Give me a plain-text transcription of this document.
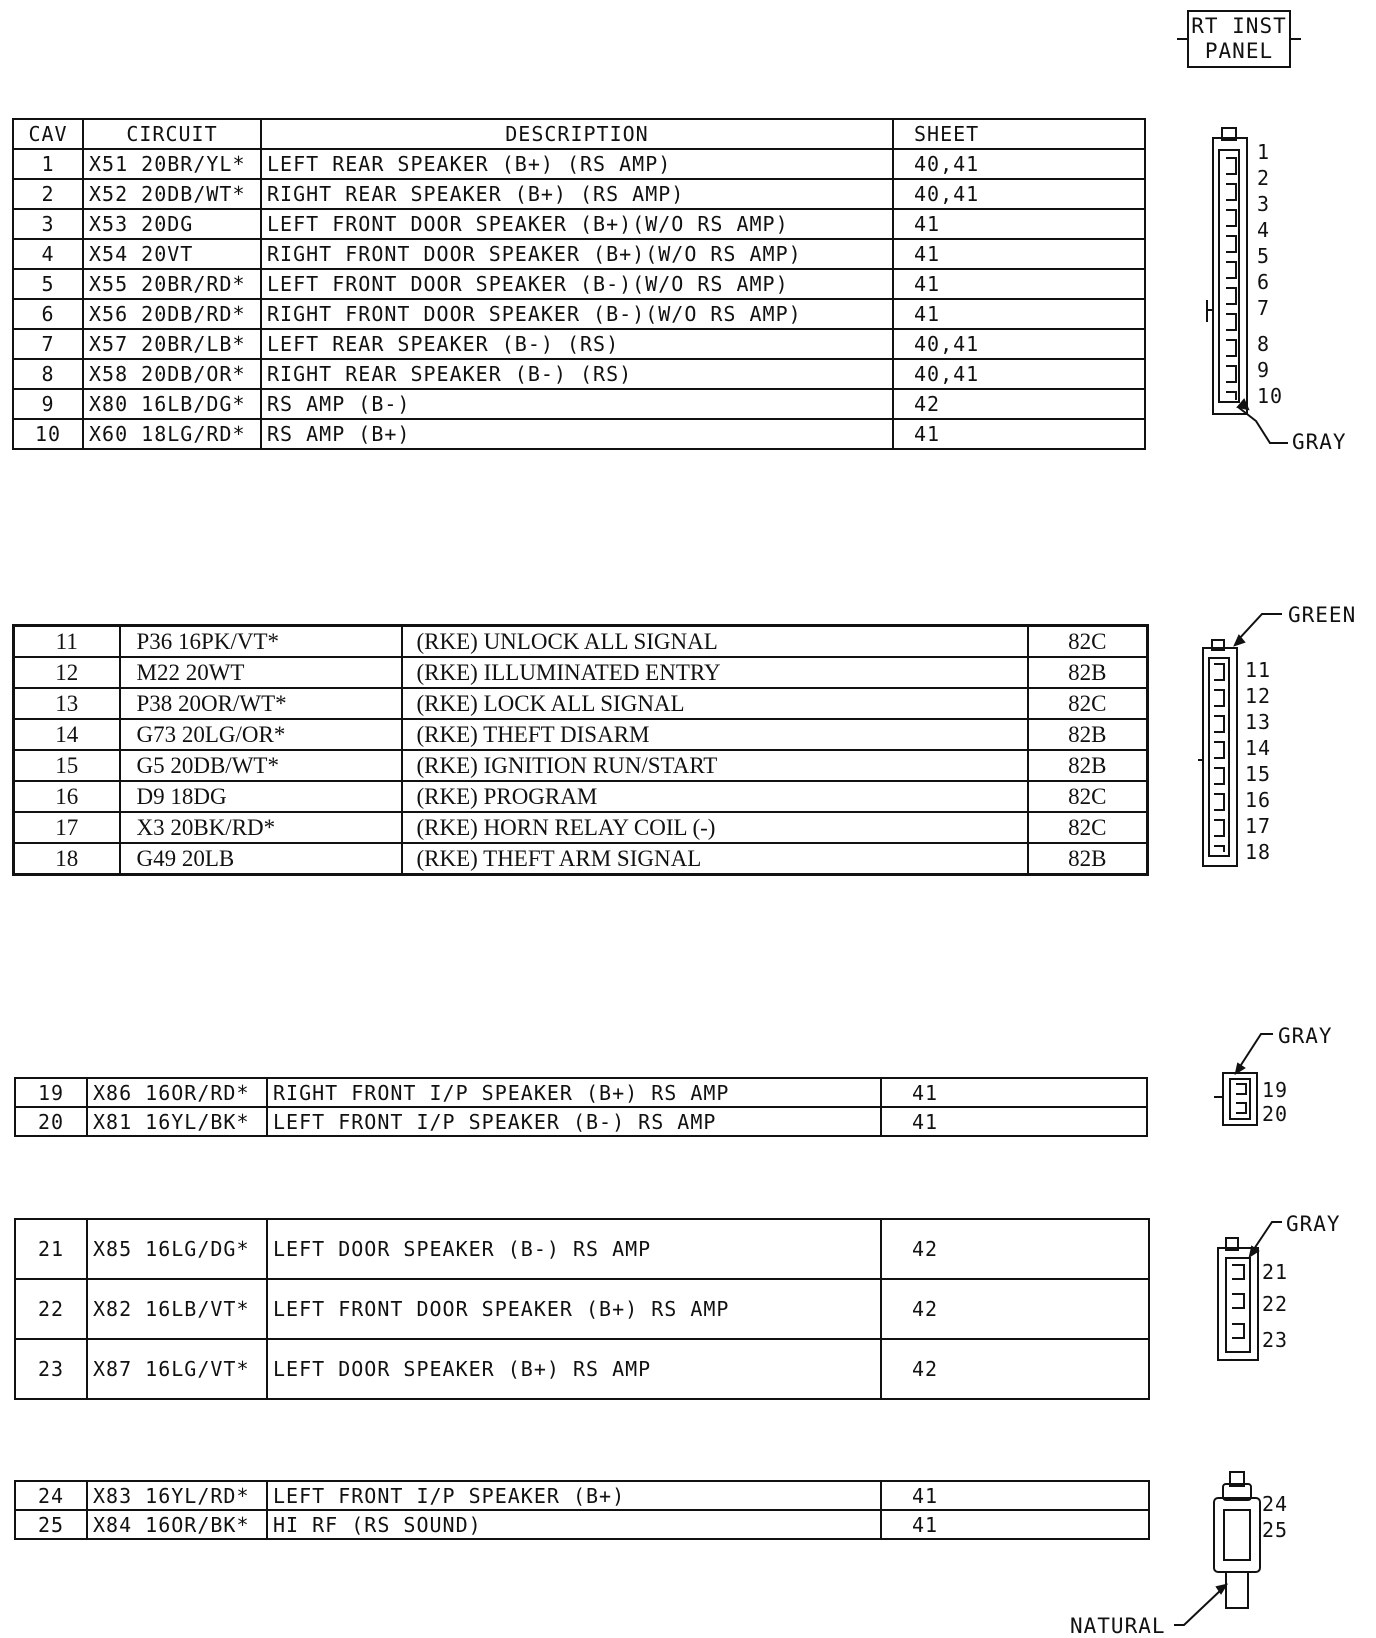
RT INST
PANEL
CAV	CIRCUIT	DESCRIPTION	SHEET
1	X51 20BR/YL*	LEFT REAR SPEAKER (B+) (RS AMP)	40,41
2	X52 20DB/WT*	RIGHT REAR SPEAKER (B+) (RS AMP)	40,41
3	X53 20DG	LEFT FRONT DOOR SPEAKER (B+)(W/O RS AMP)	41
4	X54 20VT	RIGHT FRONT DOOR SPEAKER (B+)(W/O RS AMP)	41
5	X55 20BR/RD*	LEFT FRONT DOOR SPEAKER (B-)(W/O RS AMP)	41
6	X56 20DB/RD*	RIGHT FRONT DOOR SPEAKER (B-)(W/O RS AMP)	41
7	X57 20BR/LB*	LEFT REAR SPEAKER (B-) (RS)	40,41
8	X58 20DB/OR*	RIGHT REAR SPEAKER (B-) (RS)	40,41
9	X80 16LB/DG*	RS AMP (B-)	42
10	X60 18LG/RD*	RS AMP (B+)	41
11	P36 16PK/VT*	(RKE) UNLOCK ALL SIGNAL	82C
12	M22 20WT	(RKE) ILLUMINATED ENTRY	82B
13	P38 20OR/WT*	(RKE) LOCK ALL SIGNAL	82C
14	G73 20LG/OR*	(RKE) THEFT DISARM	82B
15	G5 20DB/WT*	(RKE) IGNITION RUN/START	82B
16	D9 18DG	(RKE) PROGRAM	82C
17	X3 20BK/RD*	(RKE) HORN RELAY COIL (-)	82C
18	G49 20LB	(RKE) THEFT ARM SIGNAL	82B
19	X86 16OR/RD*	RIGHT FRONT I/P SPEAKER (B+) RS AMP	41
20	X81 16YL/BK*	LEFT FRONT I/P SPEAKER (B-) RS AMP	41
21	X85 16LG/DG*	LEFT DOOR SPEAKER (B-) RS AMP	42
22	X82 16LB/VT*	LEFT FRONT DOOR SPEAKER (B+) RS AMP	42
23	X87 16LG/VT*	LEFT DOOR SPEAKER (B+) RS AMP	42
24	X83 16YL/RD*	LEFT FRONT I/P SPEAKER (B+)	41
25	X84 16OR/BK*	HI RF (RS SOUND)	41
GRAY
GREEN
GRAY
GRAY
NATURAL
1
2
3
4
5
6
7
8
9
10
11
12
13
14
15
16
17
18
19
20
21
22
23
24
25
